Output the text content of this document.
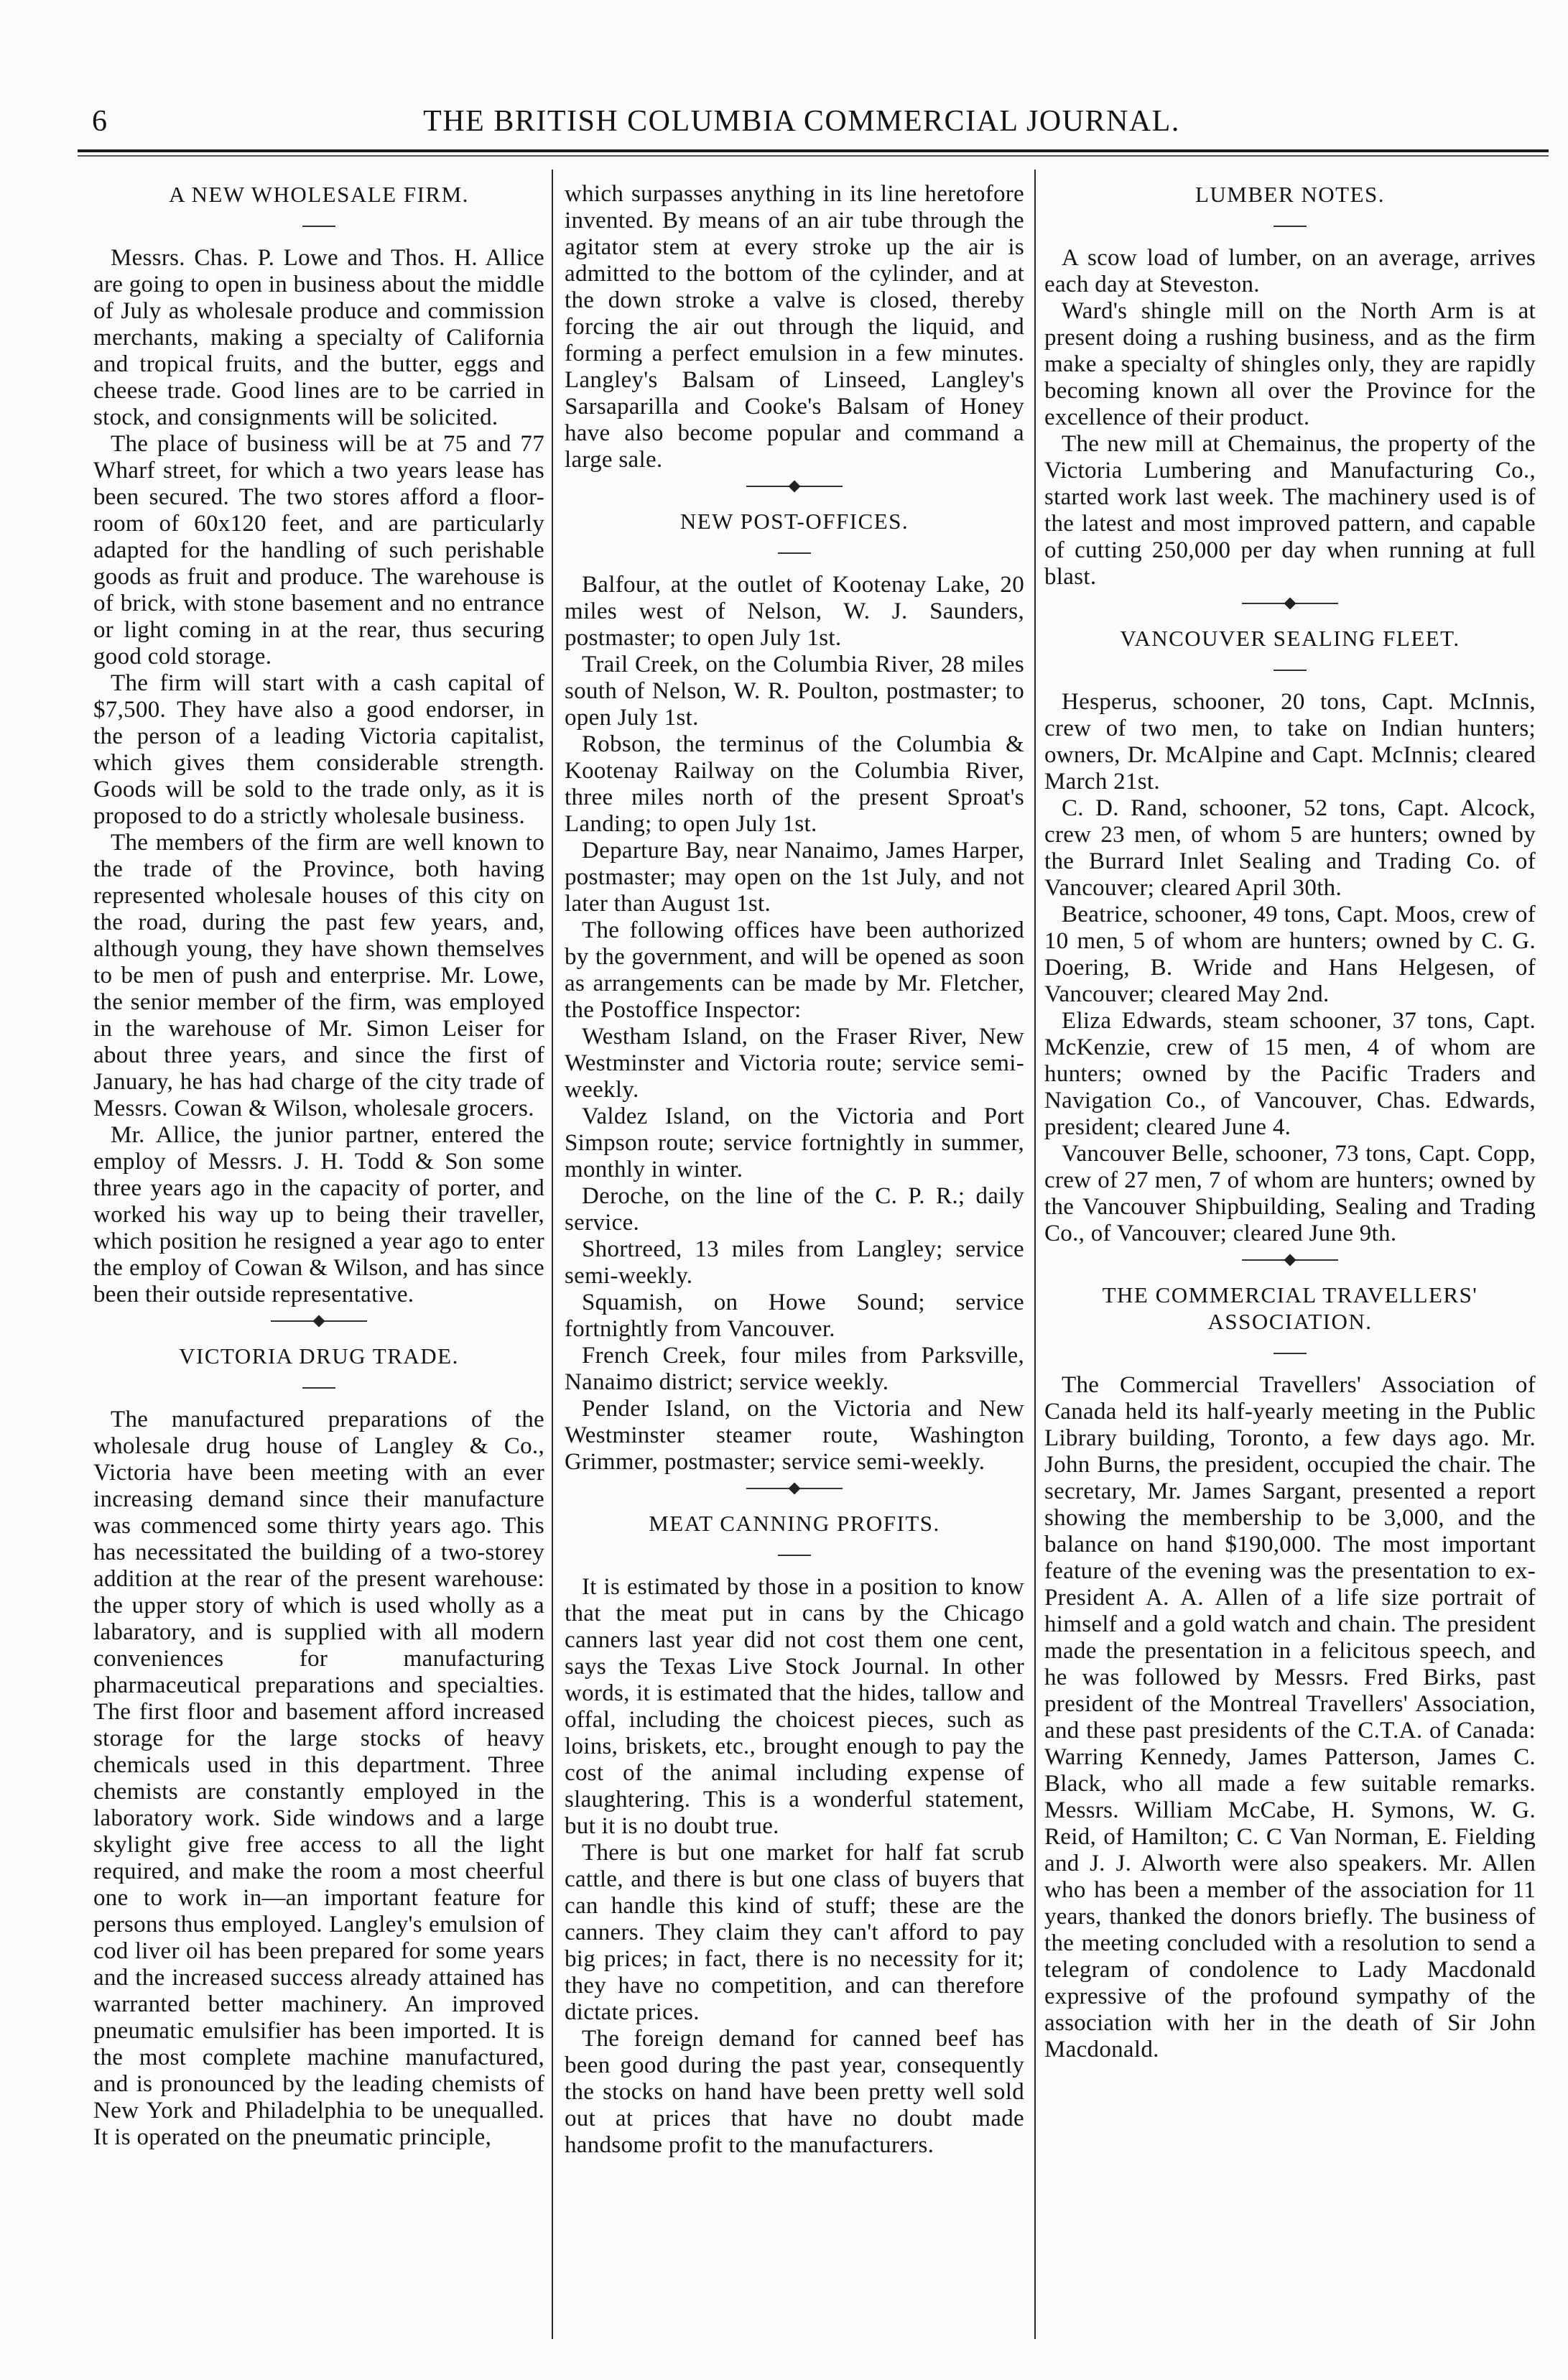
6	THE BRITISH COLUMBIA COMMERCIAL JOURNAL.
A NEW WHOLESALE FIRM.

Messrs. Chas. P. Lowe and Thos. H. Allice are going to open in business about the middle of July as wholesale produce and commission merchants, making a specialty of California and tropical fruits, and the butter, eggs and cheese trade. Good lines are to be carried in stock, and consignments will be solicited.

The place of business will be at 75 and 77 Wharf street, for which a two years lease has been secured. The two stores afford a floor-room of 60x120 feet, and are particularly adapted for the handling of such perishable goods as fruit and produce. The warehouse is of brick, with stone basement and no entrance or light coming in at the rear, thus securing good cold storage.

The firm will start with a cash capital of $7,500. They have also a good endorser, in the person of a leading Victoria capitalist, which gives them considerable strength. Goods will be sold to the trade only, as it is proposed to do a strictly wholesale business.

The members of the firm are well known to the trade of the Province, both having represented wholesale houses of this city on the road, during the past few years, and, although young, they have shown themselves to be men of push and enterprise. Mr. Lowe, the senior member of the firm, was employed in the warehouse of Mr. Simon Leiser for about three years, and since the first of January, he has had charge of the city trade of Messrs. Cowan & Wilson, wholesale grocers.

Mr. Allice, the junior partner, entered the employ of Messrs. J. H. Todd & Son some three years ago in the capacity of porter, and worked his way up to being their traveller, which position he resigned a year ago to enter the employ of Cowan & Wilson, and has since been their outside representative.

VICTORIA DRUG TRADE.

The manufactured preparations of the wholesale drug house of Langley & Co., Victoria have been meeting with an ever increasing demand since their manufacture was commenced some thirty years ago. This has necessitated the building of a two-storey addition at the rear of the present warehouse: the upper story of which is used wholly as a labaratory, and is supplied with all modern conveniences for manufacturing pharmaceutical preparations and specialties. The first floor and basement afford increased storage for the large stocks of heavy chemicals used in this department. Three chemists are constantly employed in the laboratory work. Side windows and a large skylight give free access to all the light required, and make the room a most cheerful one to work in—an important feature for persons thus employed. Langley's emulsion of cod liver oil has been prepared for some years and the increased success already attained has warranted better machinery. An improved pneumatic emulsifier has been imported. It is the most complete machine manufactured, and is pronounced by the leading chemists of New York and Philadelphia to be unequalled. It is operated on the pneumatic principle,

which surpasses anything in its line heretofore invented. By means of an air tube through the agitator stem at every stroke up the air is admitted to the bottom of the cylinder, and at the down stroke a valve is closed, thereby forcing the air out through the liquid, and forming a perfect emulsion in a few minutes. Langley's Balsam of Linseed, Langley's Sarsaparilla and Cooke's Balsam of Honey have also become popular and command a large sale.

NEW POST-OFFICES.

Balfour, at the outlet of Kootenay Lake, 20 miles west of Nelson, W. J. Saunders, postmaster; to open July 1st.

Trail Creek, on the Columbia River, 28 miles south of Nelson, W. R. Poulton, postmaster; to open July 1st.

Robson, the terminus of the Columbia & Kootenay Railway on the Columbia River, three miles north of the present Sproat's Landing; to open July 1st.

Departure Bay, near Nanaimo, James Harper, postmaster; may open on the 1st July, and not later than August 1st.

The following offices have been authorized by the government, and will be opened as soon as arrangements can be made by Mr. Fletcher, the Postoffice Inspector:

Westham Island, on the Fraser River, New Westminster and Victoria route; service semi-weekly.

Valdez Island, on the Victoria and Port Simpson route; service fortnightly in summer, monthly in winter.

Deroche, on the line of the C. P. R.; daily service.

Shortreed, 13 miles from Langley; service semi-weekly.

Squamish, on Howe Sound; service fortnightly from Vancouver.

French Creek, four miles from Parksville, Nanaimo district; service weekly.

Pender Island, on the Victoria and New Westminster steamer route, Washington Grimmer, postmaster; service semi-weekly.

MEAT CANNING PROFITS.

It is estimated by those in a position to know that the meat put in cans by the Chicago canners last year did not cost them one cent, says the Texas Live Stock Journal. In other words, it is estimated that the hides, tallow and offal, including the choicest pieces, such as loins, briskets, etc., brought enough to pay the cost of the animal including expense of slaughtering. This is a wonderful statement, but it is no doubt true.

There is but one market for half fat scrub cattle, and there is but one class of buyers that can handle this kind of stuff; these are the canners. They claim they can't afford to pay big prices; in fact, there is no necessity for it; they have no competition, and can therefore dictate prices.

The foreign demand for canned beef has been good during the past year, consequently the stocks on hand have been pretty well sold out at prices that have no doubt made handsome profit to the manufacturers.

LUMBER NOTES.

A scow load of lumber, on an average, arrives each day at Steveston.

Ward's shingle mill on the North Arm is at present doing a rushing business, and as the firm make a specialty of shingles only, they are rapidly becoming known all over the Province for the excellence of their product.

The new mill at Chemainus, the property of the Victoria Lumbering and Manufacturing Co., started work last week. The machinery used is of the latest and most improved pattern, and capable of cutting 250,000 per day when running at full blast.

VANCOUVER SEALING FLEET.

Hesperus, schooner, 20 tons, Capt. McInnis, crew of two men, to take on Indian hunters; owners, Dr. McAlpine and Capt. McInnis; cleared March 21st.

C. D. Rand, schooner, 52 tons, Capt. Alcock, crew 23 men, of whom 5 are hunters; owned by the Burrard Inlet Sealing and Trading Co. of Vancouver; cleared April 30th.

Beatrice, schooner, 49 tons, Capt. Moos, crew of 10 men, 5 of whom are hunters; owned by C. G. Doering, B. Wride and Hans Helgesen, of Vancouver; cleared May 2nd.

Eliza Edwards, steam schooner, 37 tons, Capt. McKenzie, crew of 15 men, 4 of whom are hunters; owned by the Pacific Traders and Navigation Co., of Vancouver, Chas. Edwards, president; cleared June 4.

Vancouver Belle, schooner, 73 tons, Capt. Copp, crew of 27 men, 7 of whom are hunters; owned by the Vancouver Shipbuilding, Sealing and Trading Co., of Vancouver; cleared June 9th.

THE COMMERCIAL TRAVELLERS' ASSOCIATION.

The Commercial Travellers' Association of Canada held its half-yearly meeting in the Public Library building, Toronto, a few days ago. Mr. John Burns, the president, occupied the chair. The secretary, Mr. James Sargant, presented a report showing the membership to be 3,000, and the balance on hand $190,000. The most important feature of the evening was the presentation to ex-President A. A. Allen of a life size portrait of himself and a gold watch and chain. The president made the presentation in a felicitous speech, and he was followed by Messrs. Fred Birks, past president of the Montreal Travellers' Association, and these past presidents of the C.T.A. of Canada: Warring Kennedy, James Patterson, James C. Black, who all made a few suitable remarks. Messrs. William McCabe, H. Symons, W. G. Reid, of Hamilton; C. C Van Norman, E. Fielding and J. J. Alworth were also speakers. Mr. Allen who has been a member of the association for 11 years, thanked the donors briefly. The business of the meeting concluded with a resolution to send a telegram of condolence to Lady Macdonald expressive of the profound sympathy of the association with her in the death of Sir John Macdonald.
